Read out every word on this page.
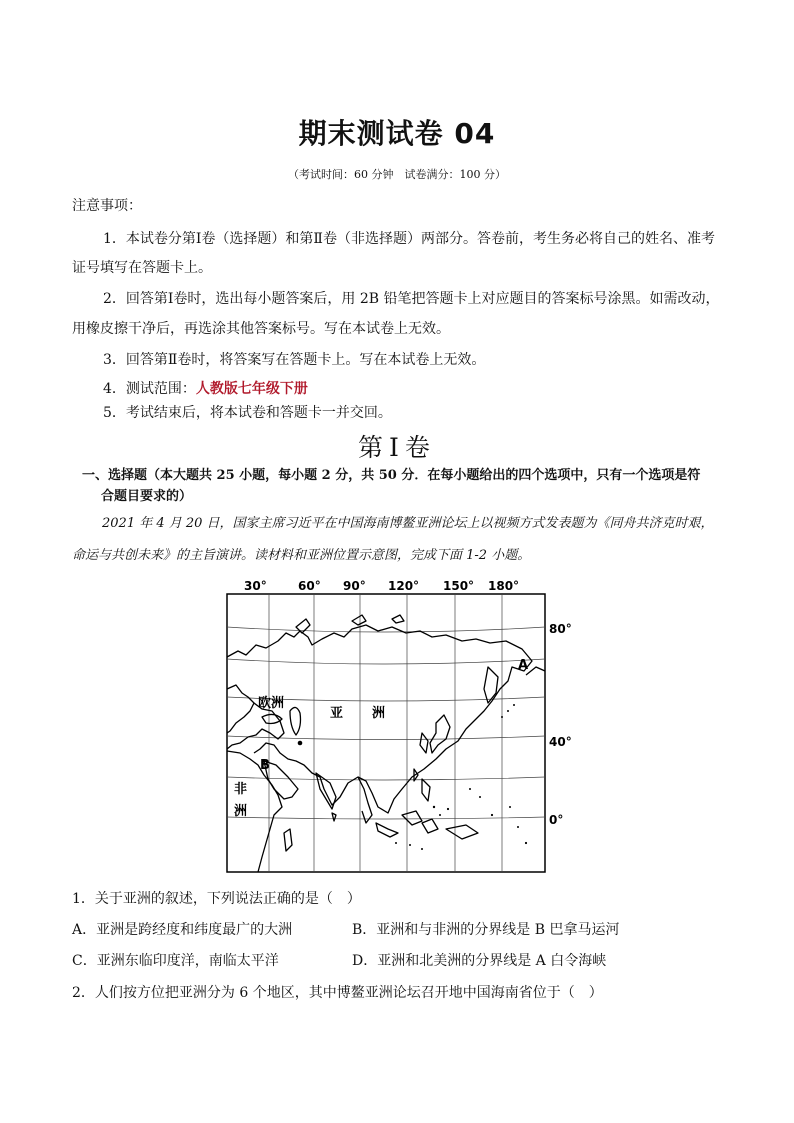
期末测试卷 04
（考试时间：60 分钟　试卷满分：100 分）
注意事项：
1．本试卷分第Ⅰ卷（选择题）和第Ⅱ卷（非选择题）两部分。答卷前，考生务必将自己的姓名、准考
证号填写在答题卡上。
2．回答第Ⅰ卷时，选出每小题答案后，用 2B 铅笔把答题卡上对应题目的答案标号涂黑。如需改动，
用橡皮擦干净后，再选涂其他答案标号。写在本试卷上无效。
3．回答第Ⅱ卷时，将答案写在答题卡上。写在本试卷上无效。
4．测试范围：人教版七年级下册
5．考试结束后，将本试卷和答题卡一并交回。
第Ⅰ卷
一、选择题（本大题共 25 小题，每小题 2 分，共 50 分．在每小题给出的四个选项中，只有一个选项是符
合题目要求的）
2021 年 4 月 20 日，国家主席习近平在中国海南博鳌亚洲论坛上以视频方式发表题为《同舟共济克时艰，
命运与共创未来》的主旨演讲。读材料和亚洲位置示意图，完成下面 1-2 小题。
30°	60° 90° 120° 150° 180°
欧洲
亚 洲
非
洲
A
B
80°
40°
0°
1．关于亚洲的叙述，下列说法正确的是（　）
A．亚洲是跨经度和纬度最广的大洲	B．亚洲和与非洲的分界线是 B 巴拿马运河
C．亚洲东临印度洋，南临太平洋	D．亚洲和北美洲的分界线是 A 白令海峡
2．人们按方位把亚洲分为 6 个地区，其中博鳌亚洲论坛召开地中国海南省位于（　）
